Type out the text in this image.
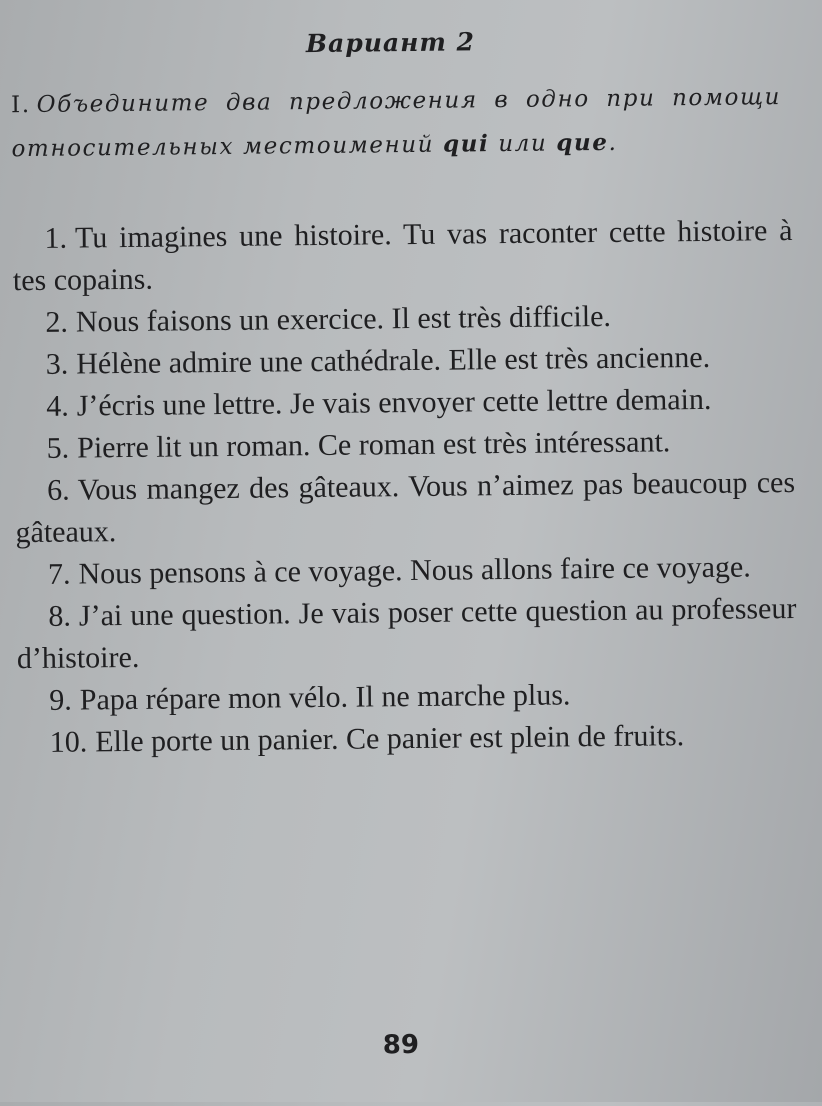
Вариант 2
I. Объедините два предложения в одно при помощи относительных местоимений qui или que.
1. Tu imagines une histoire. Tu vas raconter cette histoire à tes copains.
2. Nous faisons un exercice. Il est très difficile.
3. Hélène admire une cathédrale. Elle est très ancienne.
4. J’écris une lettre. Je vais envoyer cette lettre demain.
5. Pierre lit un roman. Ce roman est très intéressant.
6. Vous mangez des gâteaux. Vous n’aimez pas beaucoup ces gâteaux.
7. Nous pensons à ce voyage. Nous allons faire ce voyage.
8. J’ai une question. Je vais poser cette question au professeur d’histoire.
9. Papa répare mon vélo. Il ne marche plus.
10. Elle porte un panier. Ce panier est plein de fruits.
89
